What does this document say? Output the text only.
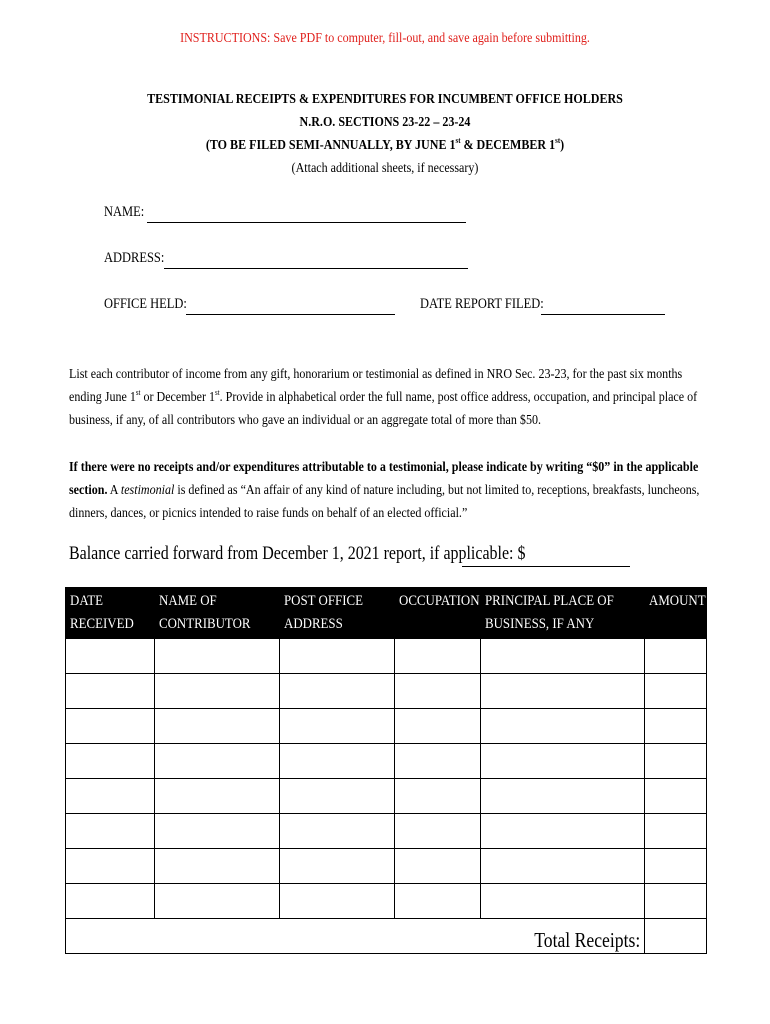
INSTRUCTIONS: Save PDF to computer, fill-out, and save again before submitting.
TESTIMONIAL RECEIPTS & EXPENDITURES FOR INCUMBENT OFFICE HOLDERS
N.R.O. SECTIONS 23-22 – 23-24
(TO BE FILED SEMI-ANNUALLY, BY JUNE 1st & DECEMBER 1st)
(Attach additional sheets, if necessary)
NAME:
ADDRESS:
OFFICE HELD:	DATE REPORT FILED:
List each contributor of income from any gift, honorarium or testimonial as defined in NRO Sec. 23-23, for the past six months ending June 1st or December 1st. Provide in alphabetical order the full name, post office address, occupation, and principal place of business, if any, of all contributors who gave an individual or an aggregate total of more than $50.
If there were no receipts and/or expenditures attributable to a testimonial, please indicate by writing “$0” in the applicable section. A testimonial is defined as “An affair of any kind of nature including, but not limited to, receptions, breakfasts, luncheons, dinners, dances, or picnics intended to raise funds on behalf of an elected official.”
Balance carried forward from December 1, 2021 report, if applicable: $
DATE RECEIVED	NAME OF CONTRIBUTOR	POST OFFICE ADDRESS	OCCUPATION	PRINCIPAL PLACE OF BUSINESS, IF ANY	AMOUNT

Total Receipts:					
